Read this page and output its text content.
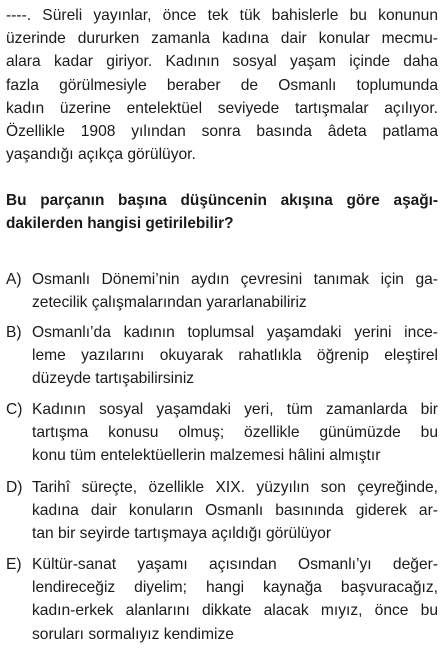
----. Süreli yayınlar, önce tek tük bahislerle bu konunun
üzerinde dururken zamanla kadına dair konular mecmu-
alara kadar giriyor. Kadının sosyal yaşam içinde daha
fazla görülmesiyle beraber de Osmanlı toplumunda
kadın üzerine entelektüel seviyede tartışmalar açılıyor.
Özellikle 1908 yılından sonra basında âdeta patlama
yaşandığı açıkça görülüyor.
Bu parçanın başına düşüncenin akışına göre aşağı-
dakilerden hangisi getirilebilir?
A) Osmanlı Dönemi’nin aydın çevresini tanımak için ga-
zetecilik çalışmalarından yararlanabiliriz
B) Osmanlı’da kadının toplumsal yaşamdaki yerini ince-
leme yazılarını okuyarak rahatlıkla öğrenip eleştirel
düzeyde tartışabilirsiniz
C) Kadının sosyal yaşamdaki yeri, tüm zamanlarda bir
tartışma konusu olmuş; özellikle günümüzde bu
konu tüm entelektüellerin malzemesi hâlini almıştır
D) Tarihî süreçte, özellikle XIX. yüzyılın son çeyreğinde,
kadına dair konuların Osmanlı basınında giderek ar-
tan bir seyirde tartışmaya açıldığı görülüyor
E) Kültür-sanat yaşamı açısından Osmanlı’yı değer-
lendireceğiz diyelim; hangi kaynağa başvuracağız,
kadın-erkek alanlarını dikkate alacak mıyız, önce bu
soruları sormalıyız kendimize
